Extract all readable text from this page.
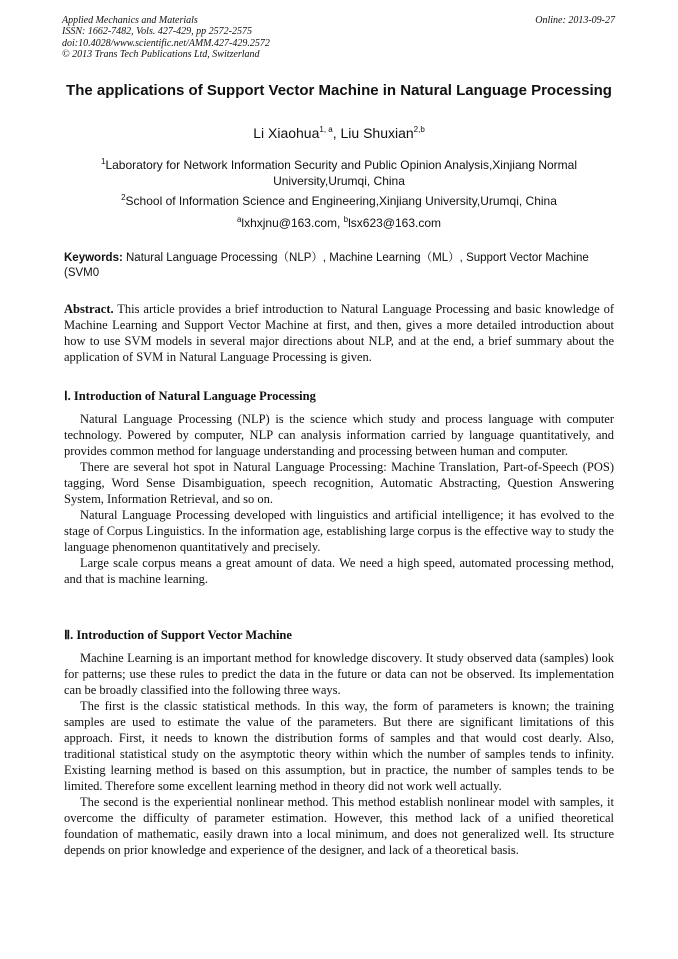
Applied Mechanics and Materials
ISSN: 1662-7482, Vols. 427-429, pp 2572-2575
doi:10.4028/www.scientific.net/AMM.427-429.2572
© 2013 Trans Tech Publications Ltd, Switzerland
Online: 2013-09-27
The applications of Support Vector Machine in Natural Language Processing
Li Xiaohua$^{1, a}$, Liu Shuxian$^{2,b}$
$^1$Laboratory for Network Information Security and Public Opinion Analysis,Xinjiang Normal University,Urumqi, China
$^2$School of Information Science and Engineering,Xinjiang University,Urumqi, China
$^a$lxhxjnu@163.com, $^b$lsx623@163.com
Keywords: Natural Language Processing（NLP）, Machine Learning（ML）, Support Vector Machine (SVM0
Abstract. This article provides a brief introduction to Natural Language Processing and basic knowledge of Machine Learning and Support Vector Machine at first, and then, gives a more detailed introduction about how to use SVM models in several major directions about NLP, and at the end, a brief summary about the application of SVM in Natural Language Processing is given.
Ⅰ. Introduction of Natural Language Processing

Natural Language Processing (NLP) is the science which study and process language with computer technology. Powered by computer, NLP can analysis information carried by language quantitatively, and provides common method for language understanding and processing between human and computer.

There are several hot spot in Natural Language Processing: Machine Translation, Part-of-Speech (POS) tagging, Word Sense Disambiguation, speech recognition, Automatic Abstracting, Question Answering System, Information Retrieval, and so on.

Natural Language Processing developed with linguistics and artificial intelligence; it has evolved to the stage of Corpus Linguistics. In the information age, establishing large corpus is the effective way to study the language phenomenon quantitatively and precisely.

Large scale corpus means a great amount of data. We need a high speed, automated processing method, and that is machine learning.

Ⅱ. Introduction of Support Vector Machine

Machine Learning is an important method for knowledge discovery. It study observed data (samples) look for patterns; use these rules to predict the data in the future or data can not be observed. Its implementation can be broadly classified into the following three ways.

The first is the classic statistical methods. In this way, the form of parameters is known; the training samples are used to estimate the value of the parameters. But there are significant limitations of this approach. First, it needs to known the distribution forms of samples and that would cost dearly. Also, traditional statistical study on the asymptotic theory within which the number of samples tends to infinity. Existing learning method is based on this assumption, but in practice, the number of samples tends to be limited. Therefore some excellent learning method in theory did not work well actually.

The second is the experiential nonlinear method. This method establish nonlinear model with samples, it overcome the difficulty of parameter estimation. However, this method lack of a unified theoretical foundation of mathematic, easily drawn into a local minimum, and does not generalized well. Its structure depends on prior knowledge and experience of the designer, and lack of a theoretical basis.
